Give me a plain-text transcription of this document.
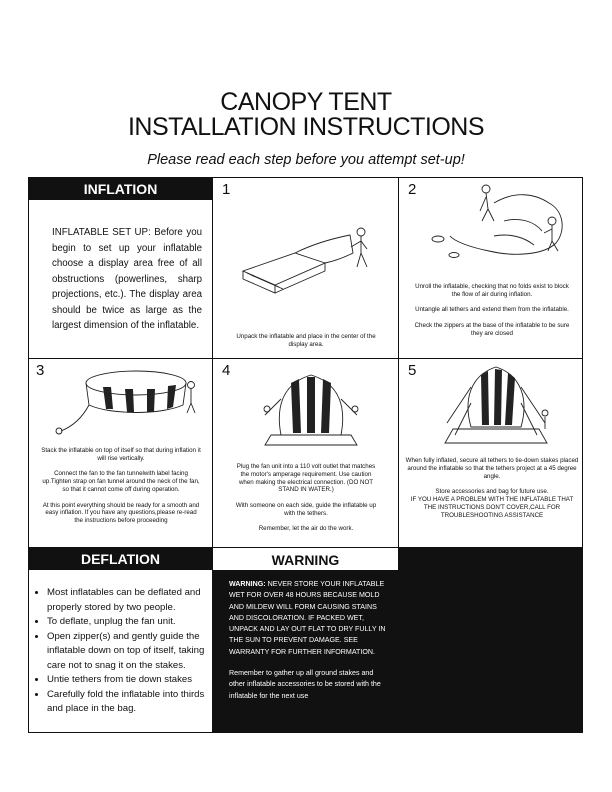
CANOPY TENT
INSTALLATION INSTRUCTIONS
Please read each step before you attempt set-up!
INFLATION
INFLATABLE SET UP: Before you begin to set up your inflatable choose a display area free of all obstructions (powerlines, sharp projections, etc.). The display area should be twice as large as the largest dimension of the inflatable.
1
Unpack the inflatable and place in the center of the display area.
2
Unroll the inflatable, checking that no folds exist to block the flow of air during inflation.

Untangle all tethers and extend them from the inflatable.

Check the zippers at the base of the inflatable to be sure they are closed
3
Stack the inflatable on top of itself so that during inflation it will rise vertically.

Connect the fan to the fan tunnelwith label facing up.Tighten strap on fan tunnel around the neck of the fan, so that it cannot come off during operation.

At this point everything should be ready for a smooth and easy inflation. If you have any questions,please re-read the instructions before proceeding
4
Plug the fan unit into a 110 volt outlet that matches the motor's amperage requirement. Use caution when making the electrical connection. (DO NOT STAND IN WATER.)

With someone on each side, guide the inflatable up with the tethers.

Remember, let the air do the work.
5
When fully inflated, secure all tethers to tie-down stakes placed around the inflatable so that the tethers project at a 45 degree angle.

Store accessories and bag for future use.
IF YOU HAVE A PROBLEM WITH THE INFLATABLE THAT THE INSTRUCTIONS DON'T COVER,CALL FOR TROUBLESHOOTING ASSISTANCE
DEFLATION
• Most inflatables can be deflated and properly stored by two people.
• To deflate, unplug the fan unit.
• Open zipper(s) and gently guide the inflatable down on top of itself, taking care not to snag it on the stakes.
• Untie tethers from tie down stakes
• Carefully fold the inflatable into thirds and place in the bag.
WARNING
WARNING: NEVER STORE YOUR INFLATABLE WET FOR OVER 48 HOURS BECAUSE MOLD AND MILDEW WILL FORM CAUSING STAINS AND DISCOLORATION. IF PACKED WET, UNPACK AND LAY OUT FLAT TO DRY FULLY IN THE SUN TO PREVENT DAMAGE. SEE WARRANTY FOR FURTHER INFORMATION.
Remember to gather up all ground stakes and other inflatable accessories to be stored with the inflatable for the next use
